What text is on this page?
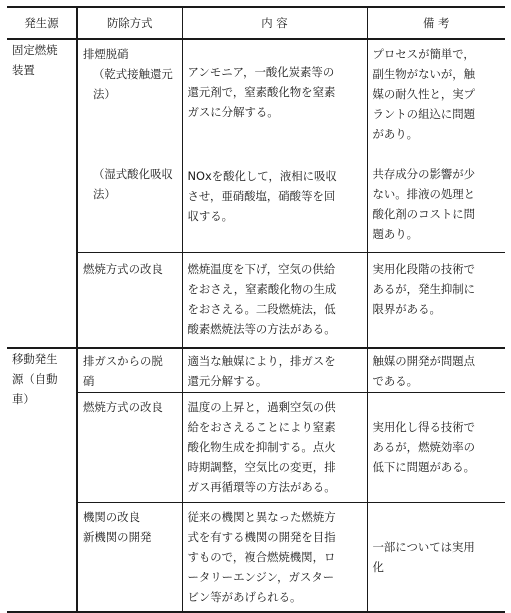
発生源	防除方式	内 容	備 考

固定燃焼
装置	排煙脱硝
（乾式接触還元
法）	アンモニア，一酸化炭素等の
還元剤で，窒素酸化物を窒素
ガスに分解する。	プロセスが簡単で，
副生物がないが，触
媒の耐久性と，実プ
ラントの組込に問題
があり。

	（湿式酸化吸収
法）	NOxを酸化して，液相に吸収
させ，亜硝酸塩，硝酸等を回
収する。	共存成分の影響が少
ない。排液の処理と
酸化剤のコストに問
題あり。

	燃焼方式の改良	燃焼温度を下げ，空気の供給
をおさえ，窒素酸化物の生成
をおさえる。二段燃焼法，低
酸素燃焼法等の方法がある。	実用化段階の技術で
あるが，発生抑制に
限界がある。

移動発生
源（自動
車）	排ガスからの脱
硝	適当な触媒により，排ガスを
還元分解する。	触媒の開発が問題点
である。

	燃焼方式の改良	温度の上昇と，過剰空気の供
給をおさえることにより窒素
酸化物生成を抑制する。点火
時期調整，空気比の変更，排
ガス再循環等の方法がある。	実用化し得る技術で
あるが，燃焼効率の
低下に問題がある。

	機関の改良
新機関の開発	従来の機関と異なった燃焼方
式を有する機関の開発を目指
すもので，複合燃焼機関，ロ
ータリーエンジン，ガスター
ビン等があげられる。	一部については実用
化
